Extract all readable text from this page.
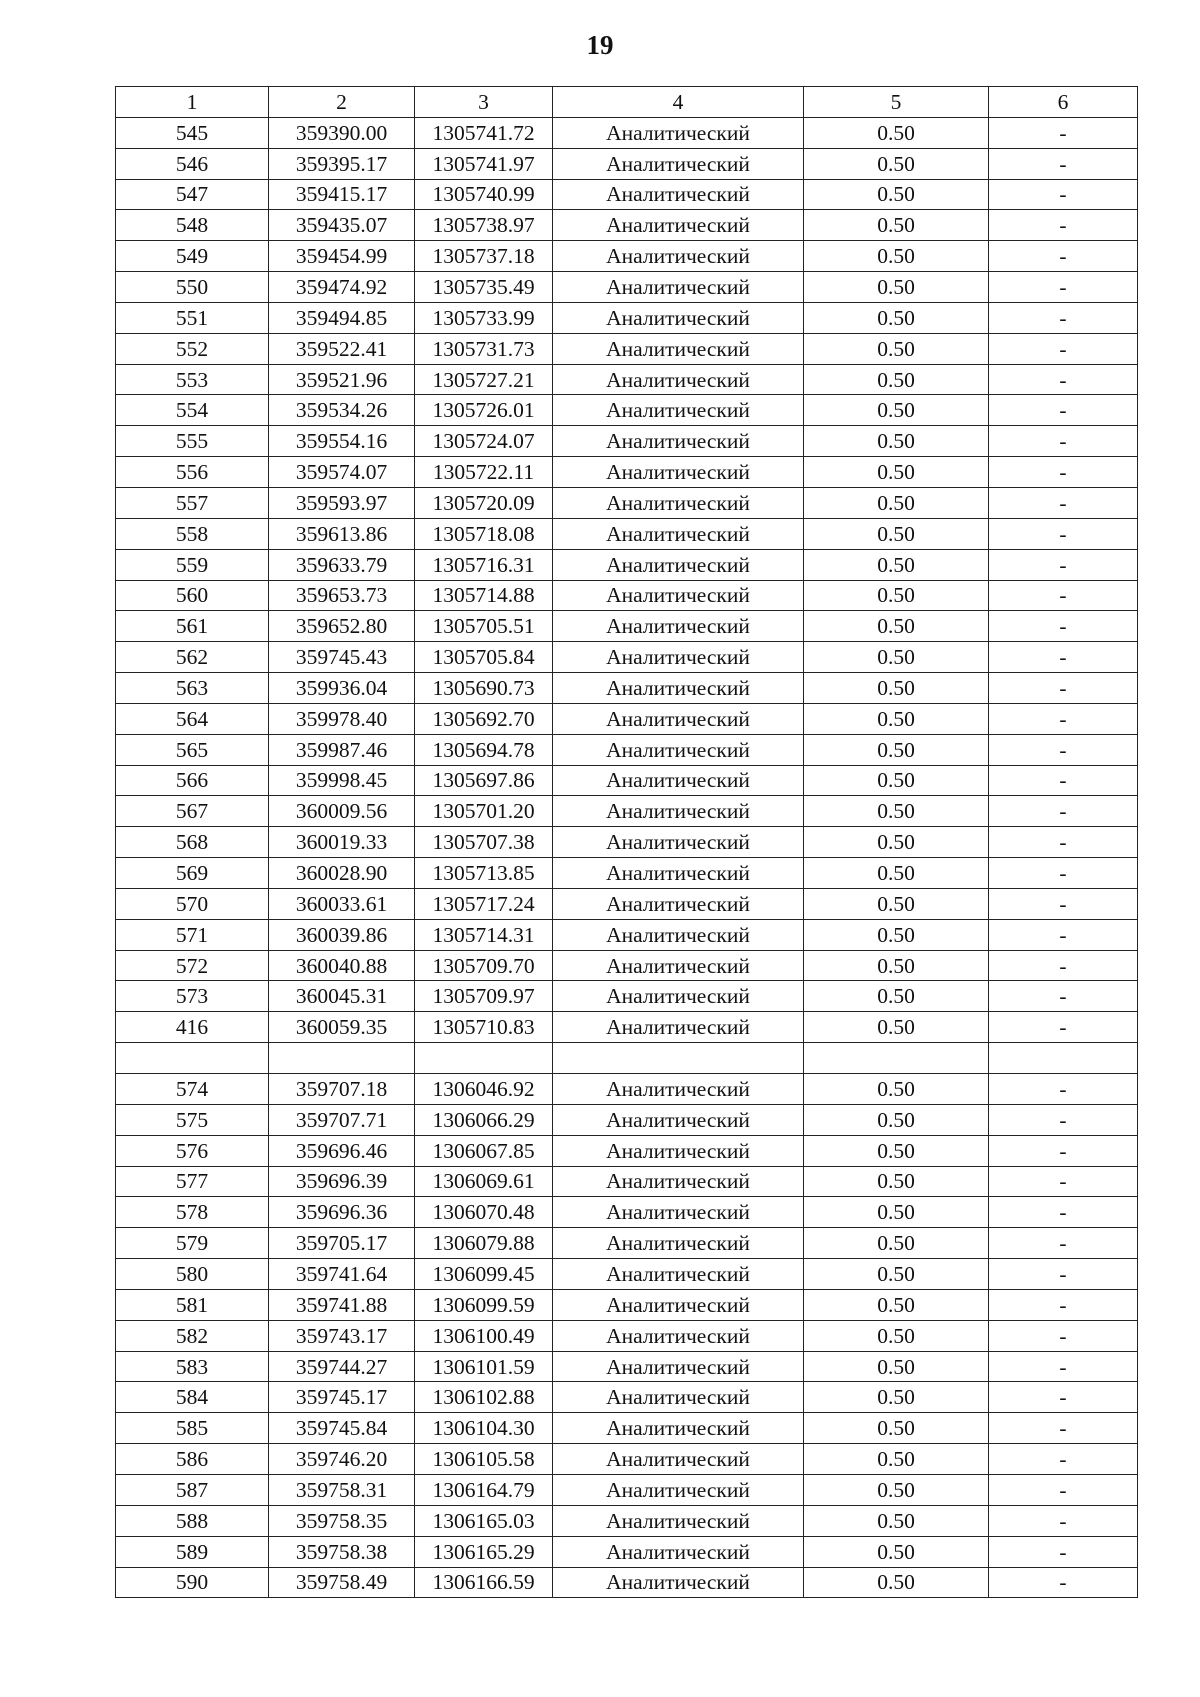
19
1	2	3	4	5	6
545	359390.00	1305741.72	Аналитический	0.50	-
546	359395.17	1305741.97	Аналитический	0.50	-
547	359415.17	1305740.99	Аналитический	0.50	-
548	359435.07	1305738.97	Аналитический	0.50	-
549	359454.99	1305737.18	Аналитический	0.50	-
550	359474.92	1305735.49	Аналитический	0.50	-
551	359494.85	1305733.99	Аналитический	0.50	-
552	359522.41	1305731.73	Аналитический	0.50	-
553	359521.96	1305727.21	Аналитический	0.50	-
554	359534.26	1305726.01	Аналитический	0.50	-
555	359554.16	1305724.07	Аналитический	0.50	-
556	359574.07	1305722.11	Аналитический	0.50	-
557	359593.97	1305720.09	Аналитический	0.50	-
558	359613.86	1305718.08	Аналитический	0.50	-
559	359633.79	1305716.31	Аналитический	0.50	-
560	359653.73	1305714.88	Аналитический	0.50	-
561	359652.80	1305705.51	Аналитический	0.50	-
562	359745.43	1305705.84	Аналитический	0.50	-
563	359936.04	1305690.73	Аналитический	0.50	-
564	359978.40	1305692.70	Аналитический	0.50	-
565	359987.46	1305694.78	Аналитический	0.50	-
566	359998.45	1305697.86	Аналитический	0.50	-
567	360009.56	1305701.20	Аналитический	0.50	-
568	360019.33	1305707.38	Аналитический	0.50	-
569	360028.90	1305713.85	Аналитический	0.50	-
570	360033.61	1305717.24	Аналитический	0.50	-
571	360039.86	1305714.31	Аналитический	0.50	-
572	360040.88	1305709.70	Аналитический	0.50	-
573	360045.31	1305709.97	Аналитический	0.50	-
416	360059.35	1305710.83	Аналитический	0.50	-

574	359707.18	1306046.92	Аналитический	0.50	-
575	359707.71	1306066.29	Аналитический	0.50	-
576	359696.46	1306067.85	Аналитический	0.50	-
577	359696.39	1306069.61	Аналитический	0.50	-
578	359696.36	1306070.48	Аналитический	0.50	-
579	359705.17	1306079.88	Аналитический	0.50	-
580	359741.64	1306099.45	Аналитический	0.50	-
581	359741.88	1306099.59	Аналитический	0.50	-
582	359743.17	1306100.49	Аналитический	0.50	-
583	359744.27	1306101.59	Аналитический	0.50	-
584	359745.17	1306102.88	Аналитический	0.50	-
585	359745.84	1306104.30	Аналитический	0.50	-
586	359746.20	1306105.58	Аналитический	0.50	-
587	359758.31	1306164.79	Аналитический	0.50	-
588	359758.35	1306165.03	Аналитический	0.50	-
589	359758.38	1306165.29	Аналитический	0.50	-
590	359758.49	1306166.59	Аналитический	0.50	-
